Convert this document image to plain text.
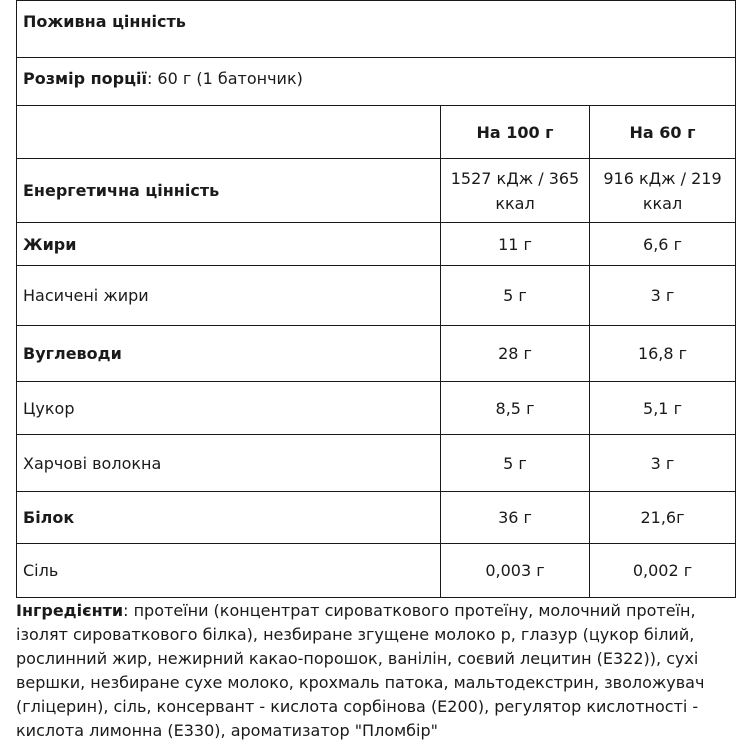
Поживна цінність		
Розмір порції: 60 г (1 батончик)		
	На 100 г	На 60 г
Енергетична цінність	1527 кДж / 365 ккал	916 кДж / 219 ккал
Жири	11 г	6,6 г
Насичені жири	5 г	3 г
Вуглеводи	28 г	16,8 г
Цукор	8,5 г	5,1 г
Харчові волокна	5 г	3 г
Білок	36 г	21,6г
Сіль	0,003 г	0,002 г
Інгредієнти: протеїни (концентрат сироваткового протеїну, молочний протеїн, ізолят сироваткового білка), незбиране згущене молоко р, глазур (цукор білий, рослинний жир, нежирний какао-порошок, ванілін, соєвий лецитин (E322)), сухі вершки, незбиране сухе молоко, крохмаль патока, мальтодекстрин, зволожувач (гліцерин), сіль, консервант - кислота сорбінова (E200), регулятор кислотності - кислота лимонна (E330), ароматизатор "Пломбір"
